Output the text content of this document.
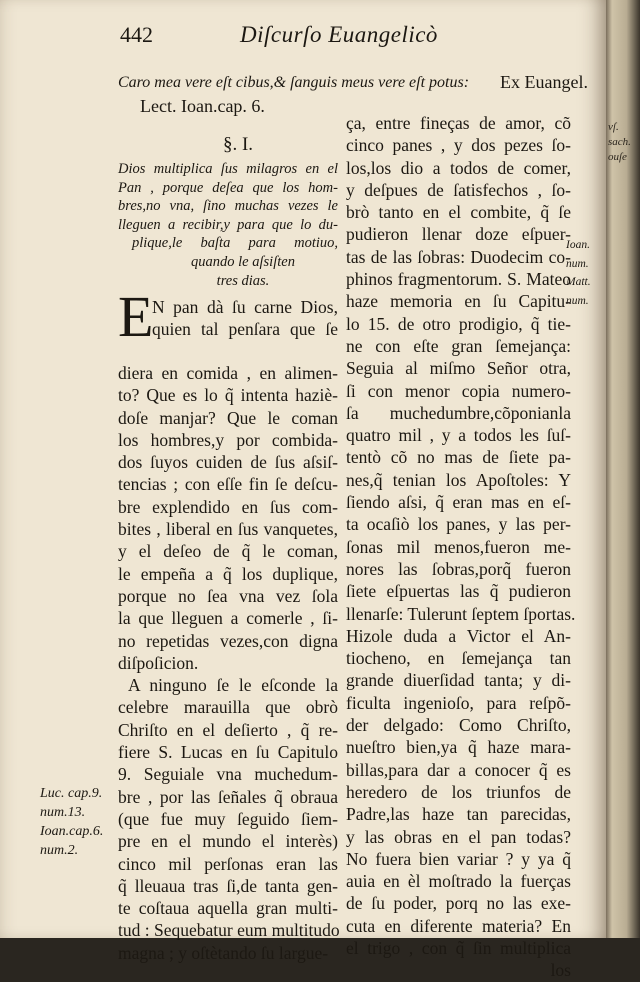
442	Diſcurſo Euangelicò
Caro mea vere eſt cibus,& ſanguis meus vere eſt potus: Ex Euangel.
Lect. Ioan.cap. 6.
§. I.
Dios multiplica ſus milagros en el
Pan , porque deſea que los hom-
bres,no vna, ſino muchas vezes le
lleguen a recibir,y para que lo du-
plique,le baſta para motiuo,
quando le aſsiſten
tres dias.
E
N pan dà ſu carne Dios,
quien tal penſara que ſe
diera en comida , en alimen-
to? Que es lo q̃ intenta haziè-
doſe manjar? Que le coman
los hombres,y por combida-
dos ſuyos cuiden de ſus aſsiſ-
tencias ; con eſſe fin ſe deſcu-
bre explendido en ſus com-
bites , liberal en ſus vanquetes,
y el deſeo de q̃ le coman,
le empeña a q̃ los duplique,
porque no ſea vna vez ſola
la que lleguen a comerle , ſi-
no repetidas vezes,con digna
diſpoſicion.
A ninguno ſe le eſconde la
celebre marauilla que obrò
Chriſto en el deſierto , q̃ re-
fiere S. Lucas en ſu Capitulo
9. Seguiale vna muchedum-
bre , por las ſeñales q̃ obraua
(que fue muy ſeguido ſiem-
pre en el mundo el interès)
cinco mil perſonas eran las
q̃ lleuaua tras ſi,de tanta gen-
te coſtaua aquella gran multi-
tud : Sequebatur eum multitudo
magna ; y oſtètando ſu largue-
ça, entre fineças de amor, cõ
cinco panes , y dos pezes ſo-
los,los dio a todos de comer,
y deſpues de ſatisfechos , ſo-
brò tanto en el combite, q̃ ſe
pudieron llenar doze eſpuer-
tas de las ſobras: Duodecim co-
phinos fragmentorum. S. Mateo
haze memoria en ſu Capitu-
lo 15. de otro prodigio, q̃ tie-
ne con eſte gran ſemejança:
Seguia al miſmo Señor otra,
ſi con menor copia numero-
ſa muchedumbre,cõponianla
quatro mil , y a todos les ſuſ-
tentò cõ no mas de ſiete pa-
nes,q̃ tenian los Apoſtoles: Y
ſiendo aſsi, q̃ eran mas en eſ-
ta ocaſiò los panes, y las per-
ſonas mil menos,fueron me-
nores las ſobras,porq̃ fueron
ſiete eſpuertas las q̃ pudieron
llenarſe: Tulerunt ſeptem ſportas.
Hizole duda a Victor el An-
tiocheno, en ſemejança tan
grande diuerſidad tanta; y di-
ficulta ingenioſo, para reſpõ-
der delgado: Como Chriſto,
nueſtro bien,ya q̃ haze mara-
billas,para dar a conocer q̃ es
heredero de los triunfos de
Padre,las haze tan parecidas,
y las obras en el pan todas?
No fuera bien variar ? y ya q̃
auia en èl moſtrado la fuerças
de ſu poder, porq no las exe-
cuta en diferente materia? En
el trigo , con q̃ ſin multiplica
los
Luc. cap.9.
num.13.
Ioan.cap.6.
num.2.
Ioan.
num.
Matt.
num.
vſ.
sach.
ouſe
